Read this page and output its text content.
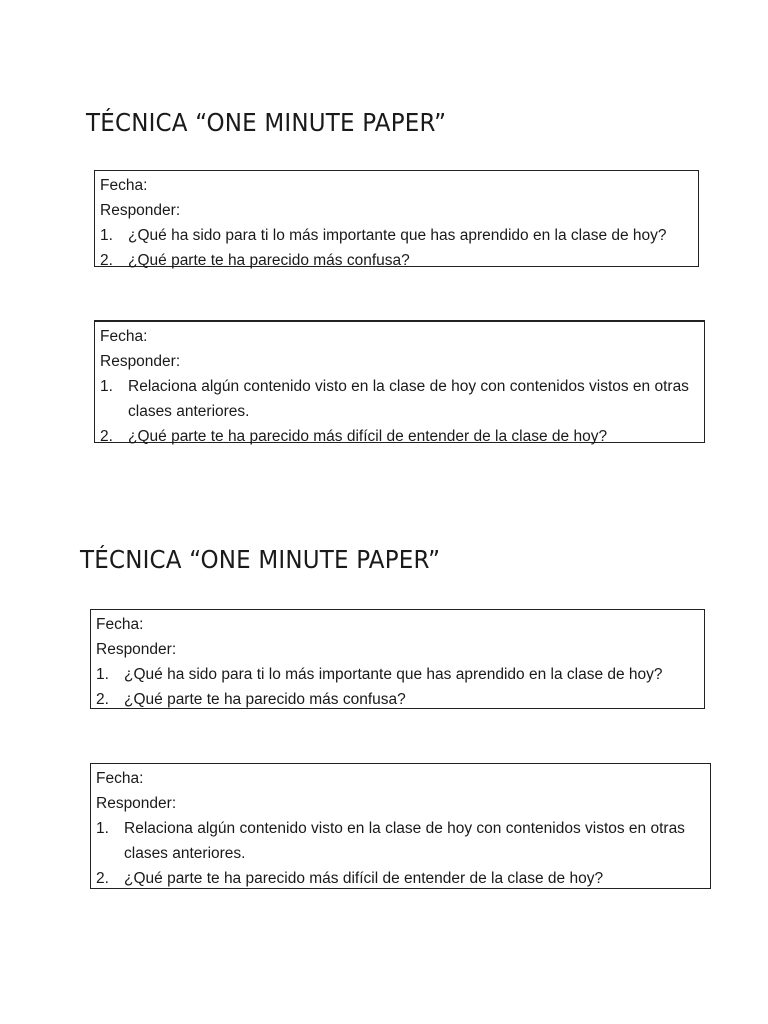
TÉCNICA “ONE MINUTE PAPER”
Fecha:
Responder:
1. ¿Qué ha sido para ti lo más importante que has aprendido en la clase de hoy?
2. ¿Qué parte te ha parecido más confusa?
Fecha:
Responder:
1. Relaciona algún contenido visto en la clase de hoy con contenidos vistos en otras clases anteriores.
2. ¿Qué parte te ha parecido más difícil de entender de la clase de hoy?
TÉCNICA “ONE MINUTE PAPER”
Fecha:
Responder:
1. ¿Qué ha sido para ti lo más importante que has aprendido en la clase de hoy?
2. ¿Qué parte te ha parecido más confusa?
Fecha:
Responder:
1. Relaciona algún contenido visto en la clase de hoy con contenidos vistos en otras clases anteriores.
2. ¿Qué parte te ha parecido más difícil de entender de la clase de hoy?
